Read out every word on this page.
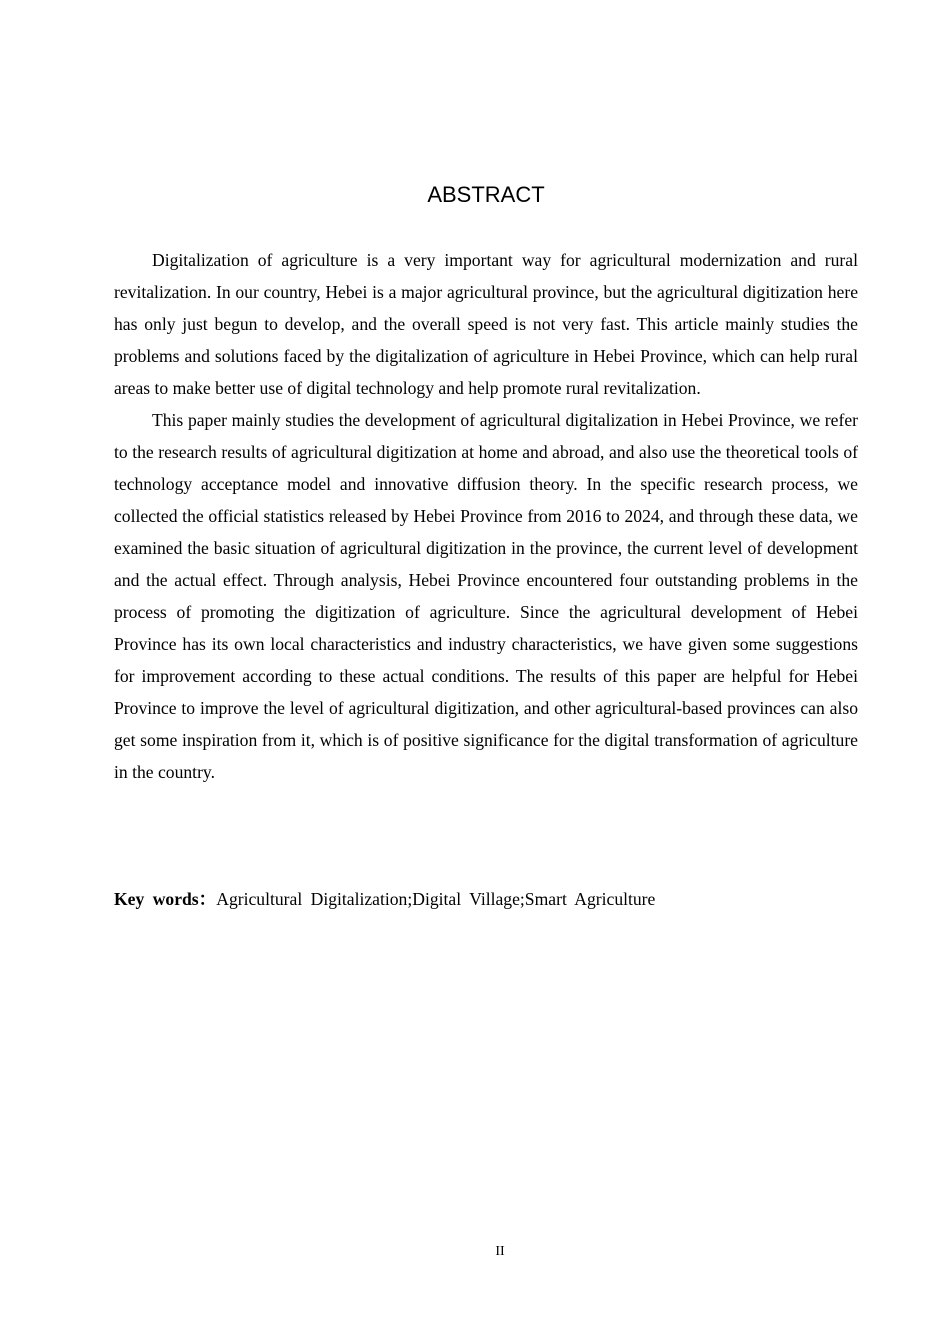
ABSTRACT

Digitalization of agriculture is a very important way for agricultural modernization and rural revitalization. In our country, Hebei is a major agricultural province, but the agricultural digitization here has only just begun to develop, and the overall speed is not very fast. This article mainly studies the problems and solutions faced by the digitalization of agriculture in Hebei Province, which can help rural areas to make better use of digital technology and help promote rural revitalization.

This paper mainly studies the development of agricultural digitalization in Hebei Province, we refer to the research results of agricultural digitization at home and abroad, and also use the theoretical tools of technology acceptance model and innovative diffusion theory. In the specific research process, we collected the official statistics released by Hebei Province from 2016 to 2024, and through these data, we examined the basic situation of agricultural digitization in the province, the current level of development and the actual effect. Through analysis, Hebei Province encountered four outstanding problems in the process of promoting the digitization of agriculture. Since the agricultural development of Hebei Province has its own local characteristics and industry characteristics, we have given some suggestions for improvement according to these actual conditions. The results of this paper are helpful for Hebei Province to improve the level of agricultural digitization, and other agricultural-based provinces can also get some inspiration from it, which is of positive significance for the digital transformation of agriculture in the country.

Key words：Agricultural Digitalization;Digital Village;Smart Agriculture
II
